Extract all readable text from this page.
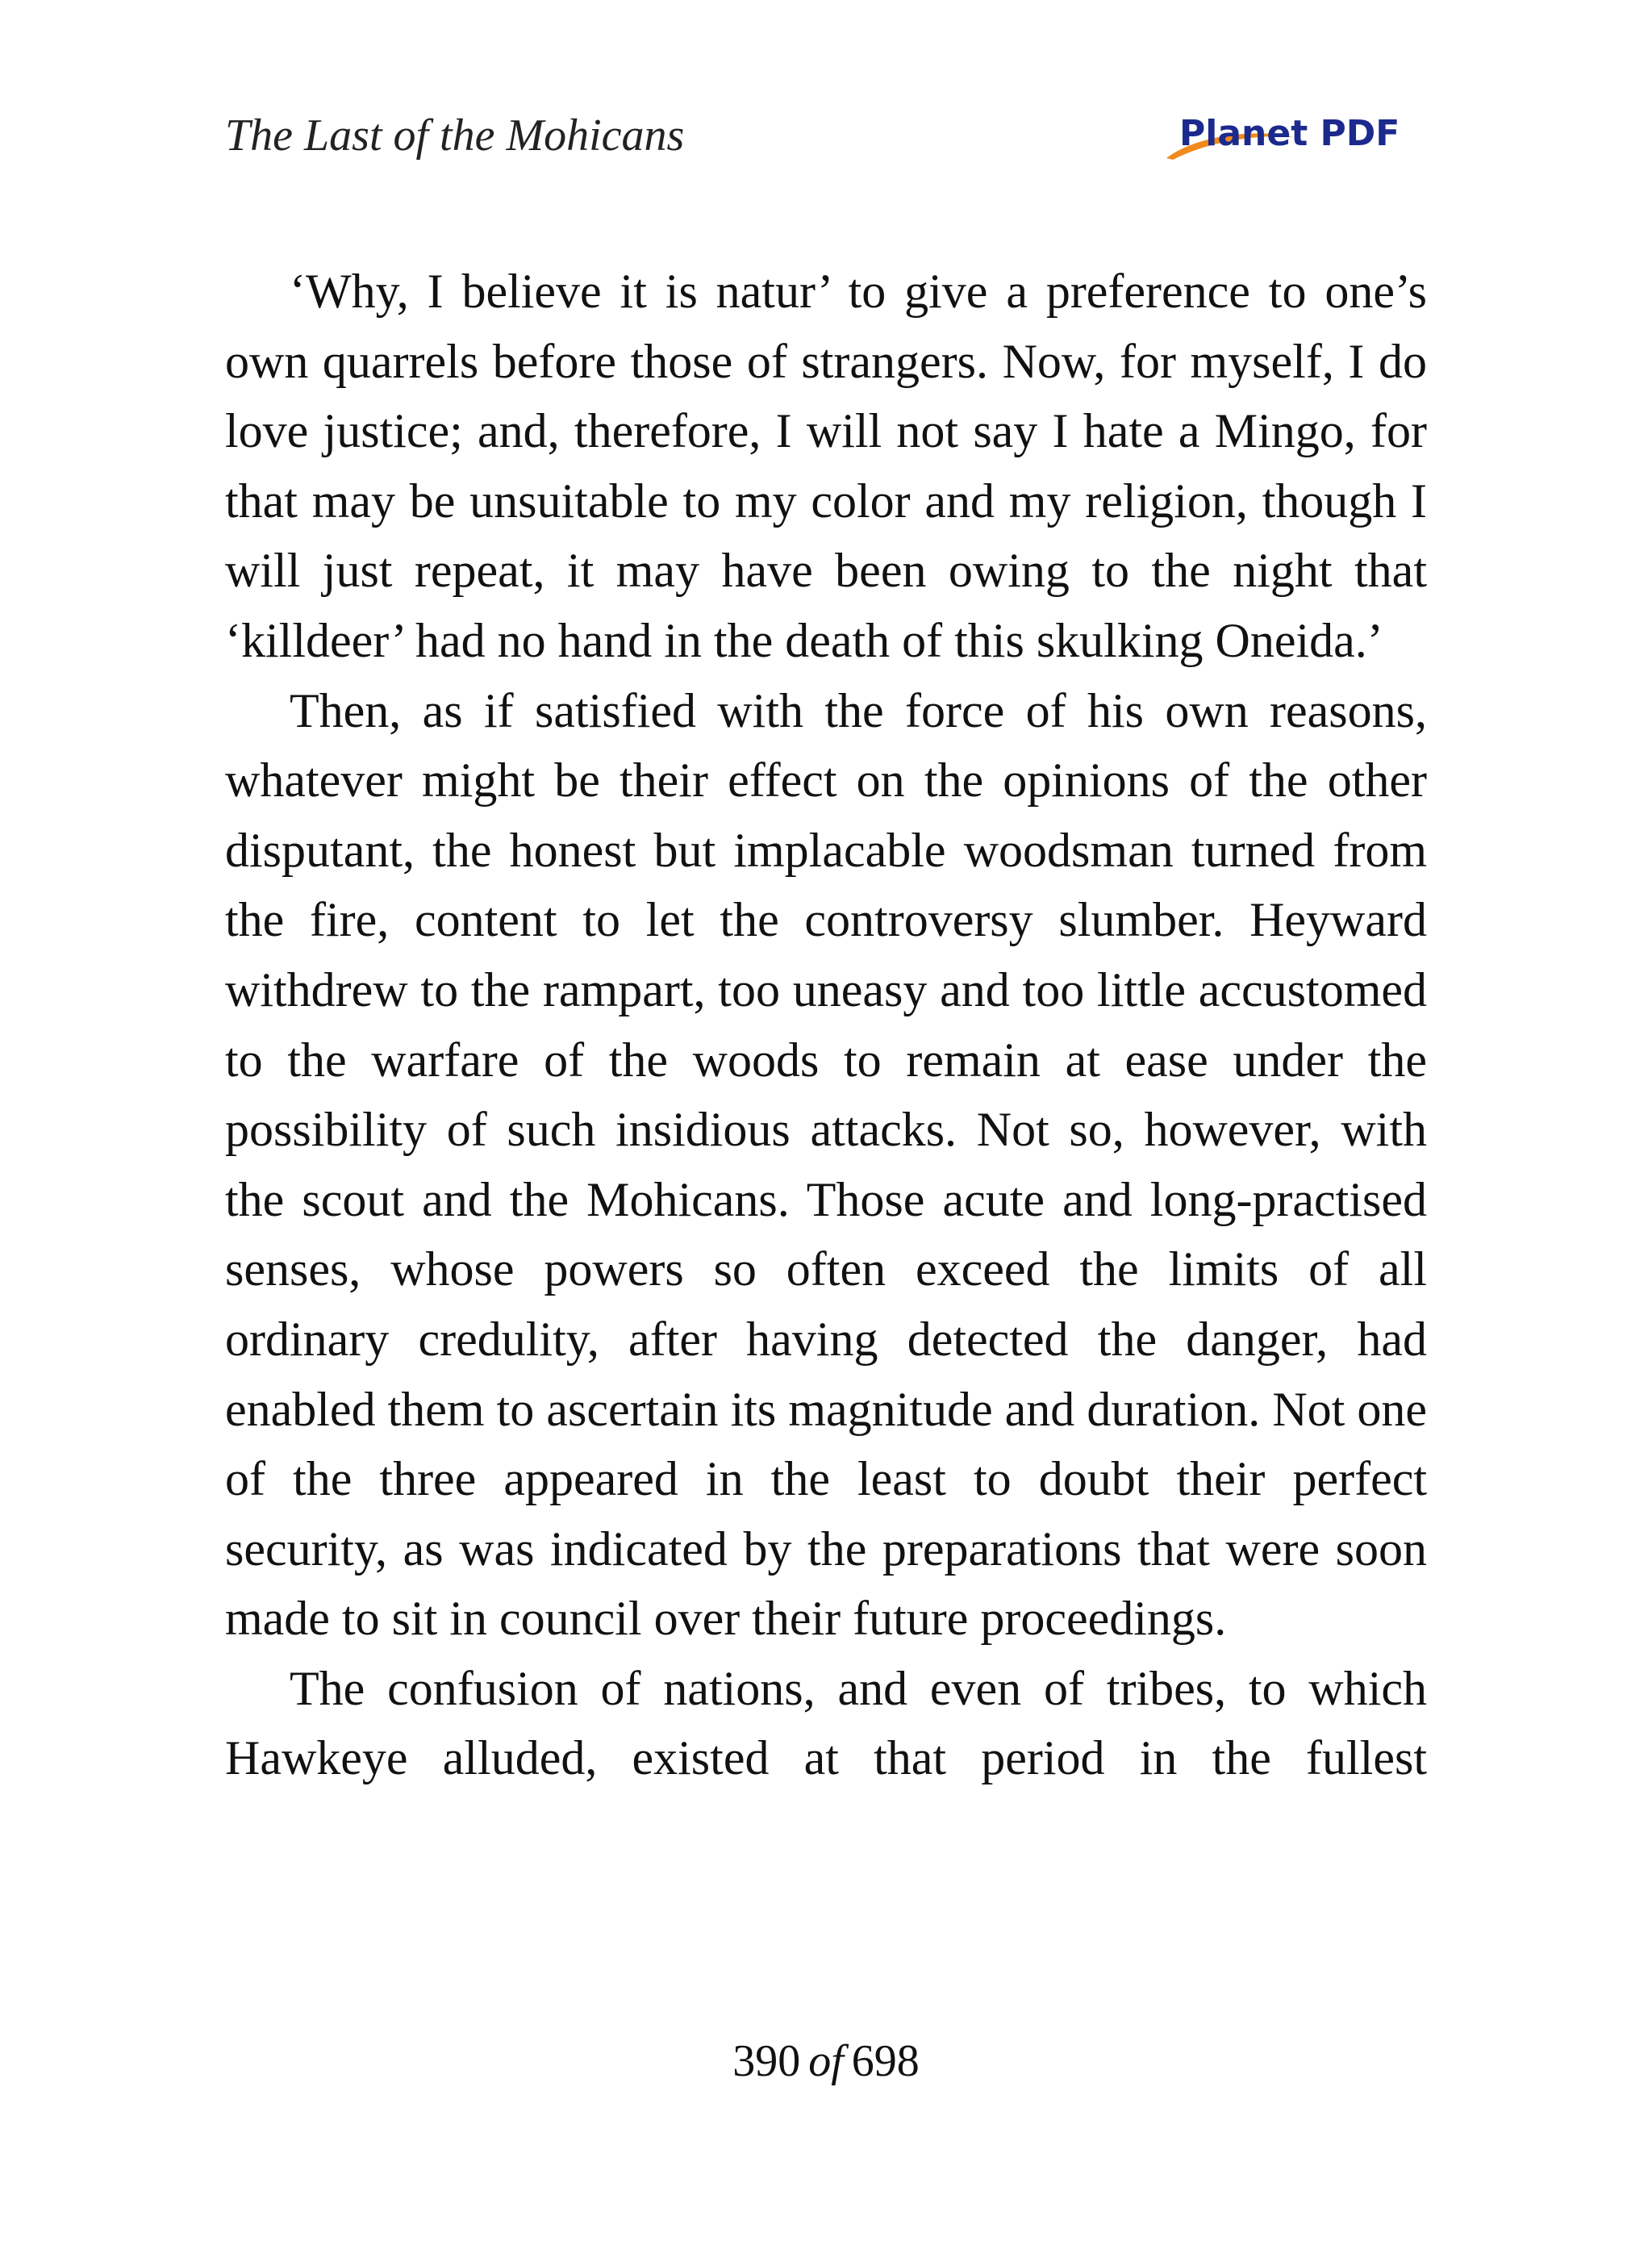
The Last of the Mohicans	Planet PDF

‘Why, I believe it is natur’ to give a preference to one’s own quarrels before those of strangers. Now, for myself, I do love justice; and, therefore, I will not say I hate a Mingo, for that may be unsuitable to my color and my religion, though I will just repeat, it may have been owing to the night that ‘killdeer’ had no hand in the death of this skulking Oneida.’

Then, as if satisfied with the force of his own reasons, whatever might be their effect on the opinions of the other disputant, the honest but implacable woodsman turned from the fire, content to let the controversy slumber. Heyward withdrew to the rampart, too uneasy and too little accustomed to the warfare of the woods to remain at ease under the possibility of such insidious attacks. Not so, however, with the scout and the Mohicans. Those acute and long-practised senses, whose powers so often exceed the limits of all ordinary credulity, after having detected the danger, had enabled them to ascertain its magnitude and duration. Not one of the three appeared in the least to doubt their perfect security, as was indicated by the preparations that were soon made to sit in council over their future proceedings.

The confusion of nations, and even of tribes, to which Hawkeye alluded, existed at that period in the fullest

390 of 698
